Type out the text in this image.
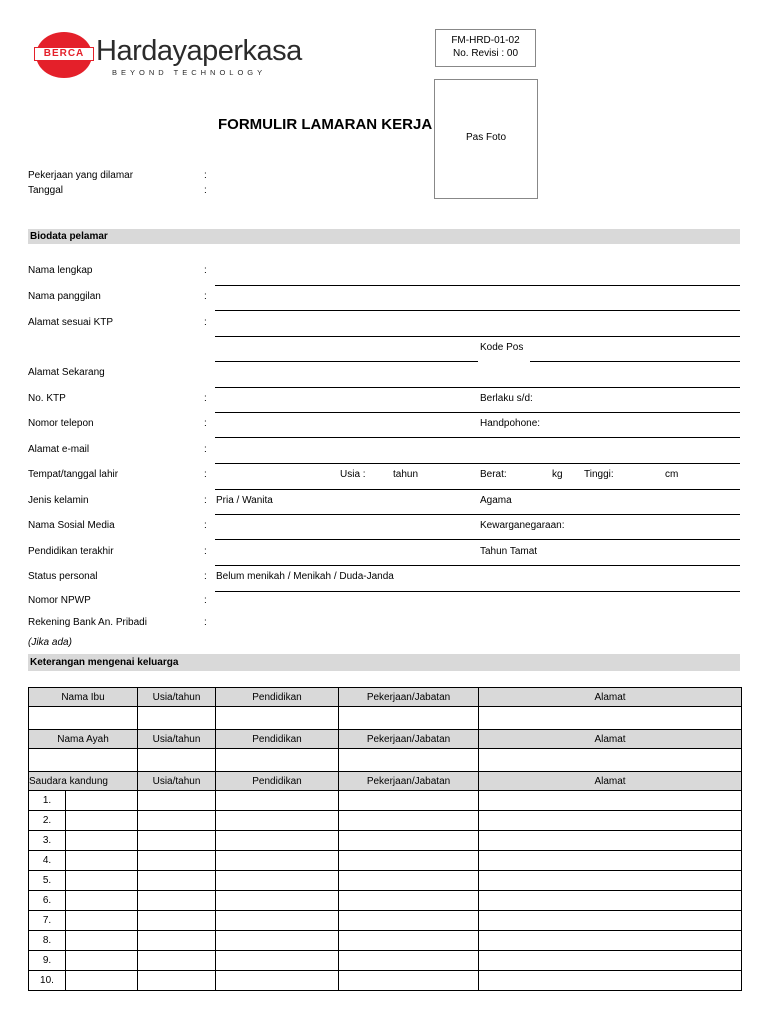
BERCA Hardayaperkasa
BEYOND TECHNOLOGY
FM-HRD-01-02
No. Revisi : 00
FORMULIR LAMARAN KERJA
Pas Foto
Pekerjaan yang dilamar	:
Tanggal	:
Biodata pelamar
Nama lengkap	:
Nama panggilan	:
Alamat sesuai KTP	:
Kode Pos
Alamat Sekarang
No. KTP	:	Berlaku s/d:
Nomor telepon	:	Handpohone:
Alamat e-mail	:
Tempat/tanggal lahir	:	Usia :	tahun	Berat:	kg Tinggi:	cm
Jenis kelamin	: Pria / Wanita	Agama
Nama Sosial Media	:	Kewarganegaraan:
Pendidikan terakhir	:	Tahun Tamat
Status personal	: Belum menikah / Menikah / Duda-Janda
Nomor NPWP	:
Rekening Bank An. Pribadi	:
(Jika ada)
Keterangan mengenai keluarga
Nama Ibu		Usia/tahun	Pendidikan	Pekerjaan/Jabatan	Alamat

Nama Ayah		Usia/tahun	Pendidikan	Pekerjaan/Jabatan	Alamat

Saudara kandung		Usia/tahun	Pendidikan	Pekerjaan/Jabatan	Alamat
1.					
2.					
3.					
4.					
5.					
6.					
7.					
8.					
9.					
10.					
